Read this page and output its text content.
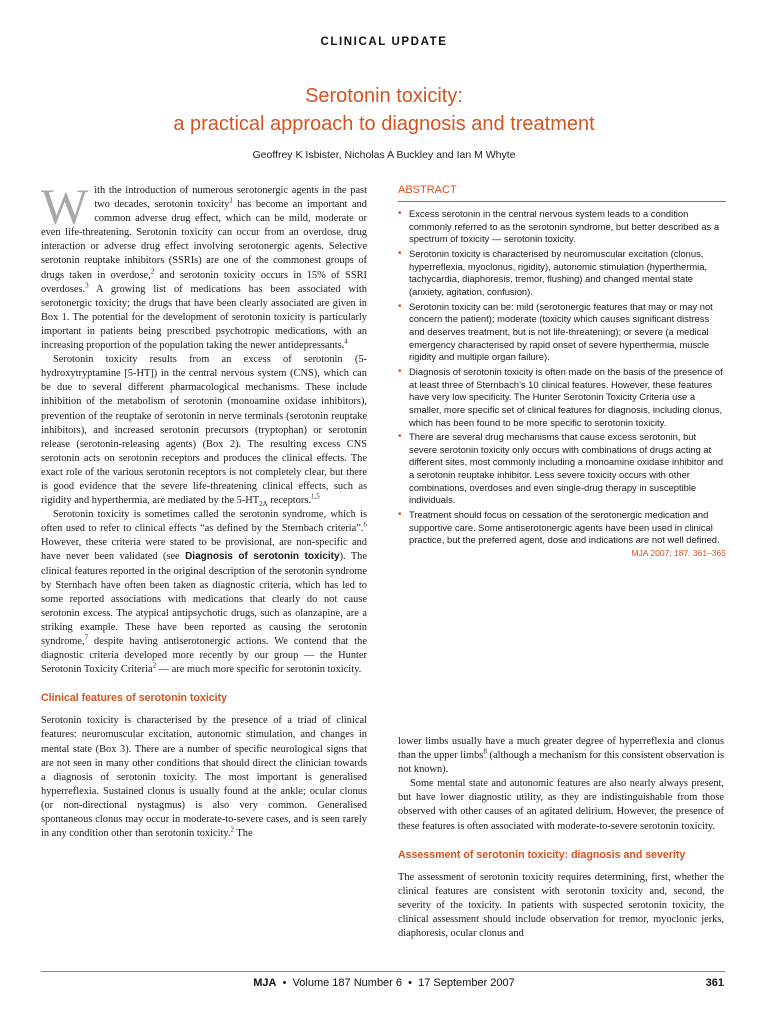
CLINICAL UPDATE
Serotonin toxicity:
a practical approach to diagnosis and treatment
Geoffrey K Isbister, Nicholas A Buckley and Ian M Whyte

With the introduction of numerous serotonergic agents in the past two decades, serotonin toxicity$^1$ has become an important and common adverse drug effect, which can be mild, moderate or even life-threatening. Serotonin toxicity can occur from an overdose, drug interaction or adverse drug effect involving serotonergic agents. Selective serotonin reuptake inhibitors (SSRIs) are one of the commonest groups of drugs taken in overdose,$^2$ and serotonin toxicity occurs in 15% of SSRI overdoses.$^3$ A growing list of medications has been associated with serotonergic toxicity; the drugs that have been clearly associated are given in Box 1. The potential for the development of serotonin toxicity is particularly important in patients being prescribed psychotropic medications, with an increasing proportion of the population taking the newer antidepressants.$^4$

Serotonin toxicity results from an excess of serotonin (5-hydroxytryptamine [5-HT]) in the central nervous system (CNS), which can be due to several different pharmacological mechanisms. These include inhibition of the metabolism of serotonin (monoamine oxidase inhibitors), prevention of the reuptake of serotonin in nerve terminals (serotonin reuptake inhibitors), and increased serotonin precursors (tryptophan) or serotonin release (serotonin-releasing agents) (Box 2). The resulting excess CNS serotonin acts on serotonin receptors and produces the clinical effects. The exact role of the various serotonin receptors is not completely clear, but there is good evidence that the severe life-threatening clinical effects, such as rigidity and hyperthermia, are mediated by the $5-HT_{2A}$ receptors.$^{1,5}$

Serotonin toxicity is sometimes called the serotonin syndrome, which is often used to refer to clinical effects “as defined by the Sternbach criteria”.$^6$ However, these criteria were stated to be provisional, are non-specific and have never been validated (see Diagnosis of serotonin toxicity). The clinical features reported in the original description of the serotonin syndrome by Sternbach have often been taken as diagnostic criteria, which has led to some reported associations with medications that clearly do not cause serotonin excess. The atypical antipsychotic drugs, such as olanzapine, are a striking example. These have been reported as causing the serotonin syndrome,$^7$ despite having antiserotonergic actions. We contend that the diagnostic criteria developed more recently by our group — the Hunter Serotonin Toxicity Criteria$^2$ — are much more specific for serotonin toxicity.

Clinical features of serotonin toxicity

Serotonin toxicity is characterised by the presence of a triad of clinical features: neuromuscular excitation, autonomic stimulation, and changes in mental state (Box 3). There are a number of specific neurological signs that are not seen in many other conditions that should direct the clinician towards a diagnosis of serotonin toxicity. The most important is generalised hyperreflexia. Sustained clonus is usually found at the ankle; ocular clonus (or non-directional nystagmus) is also very common. Generalised spontaneous clonus may occur in moderate-to-severe cases, and is seen rarely in any condition other than serotonin toxicity.$^2$ The

ABSTRACT
• Excess serotonin in the central nervous system leads to a condition commonly referred to as the serotonin syndrome, but better described as a spectrum of toxicity — serotonin toxicity.
• Serotonin toxicity is characterised by neuromuscular excitation (clonus, hyperreflexia, myoclonus, rigidity), autonomic stimulation (hyperthermia, tachycardia, diaphoresis, tremor, flushing) and changed mental state (anxiety, agitation, confusion).
• Serotonin toxicity can be: mild (serotonergic features that may or may not concern the patient); moderate (toxicity which causes significant distress and deserves treatment, but is not life-threatening); or severe (a medical emergency characterised by rapid onset of severe hyperthermia, muscle rigidity and multiple organ failure).
• Diagnosis of serotonin toxicity is often made on the basis of the presence of at least three of Sternbach’s 10 clinical features. However, these features have very low specificity. The Hunter Serotonin Toxicity Criteria use a smaller, more specific set of clinical features for diagnosis, including clonus, which has been found to be more specific to serotonin toxicity.
• There are several drug mechanisms that cause excess serotonin, but severe serotonin toxicity only occurs with combinations of drugs acting at different sites, most commonly including a monoamine oxidase inhibitor and a serotonin reuptake inhibitor. Less severe toxicity occurs with other combinations, overdoses and even single-drug therapy in susceptible individuals.
• Treatment should focus on cessation of the serotonergic medication and supportive care. Some antiserotonergic agents have been used in clinical practice, but the preferred agent, dose and indications are not well defined.
MJA 2007; 187: 361–365

lower limbs usually have a much greater degree of hyperreflexia and clonus than the upper limbs$^8$ (although a mechanism for this consistent observation is not known).

Some mental state and autonomic features are also nearly always present, but have lower diagnostic utility, as they are indistinguishable from those observed with other causes of an agitated delirium. However, the presence of these features is often associated with moderate-to-severe serotonin toxicity.

Assessment of serotonin toxicity: diagnosis and severity

The assessment of serotonin toxicity requires determining, first, whether the clinical features are consistent with serotonin toxicity and, second, the severity of the toxicity. In patients with suspected serotonin toxicity, the clinical assessment should include observation for tremor, myoclonic jerks, diaphoresis, ocular clonus and

MJA • Volume 187 Number 6 • 17 September 2007	361
